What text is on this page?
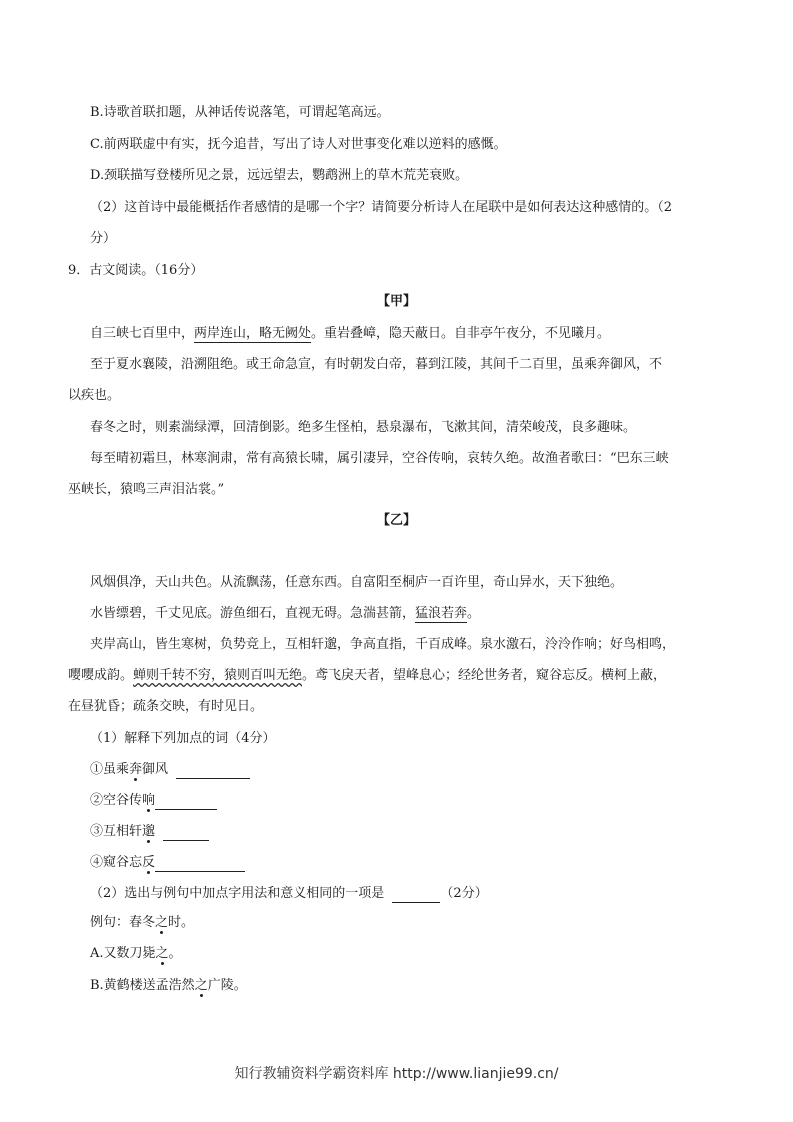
B.诗歌首联扣题，从神话传说落笔，可谓起笔高远。
C.前两联虚中有实，抚今追昔，写出了诗人对世事变化难以逆料的感慨。
D.颈联描写登楼所见之景，远远望去，鹦鹉洲上的草木荒芜衰败。
（2）这首诗中最能概括作者感情的是哪一个字？请简要分析诗人在尾联中是如何表达这种感情的。（2
分）
9．古文阅读。（16分）
【甲】
自三峡七百里中，两岸连山，略无阙处。重岩叠嶂，隐天蔽日。自非亭午夜分，不见曦月。
至于夏水襄陵，沿溯阻绝。或王命急宣，有时朝发白帝，暮到江陵，其间千二百里，虽乘奔御风，不
以疾也。
春冬之时，则素湍绿潭，回清倒影。绝多生怪柏，悬泉瀑布，飞漱其间，清荣峻茂，良多趣味。
每至晴初霜旦，林寒涧肃，常有高猿长啸，属引凄异，空谷传响，哀转久绝。故渔者歌曰：“巴东三峡
巫峡长，猿鸣三声泪沾裳。”
【乙】
风烟俱净，天山共色。从流飘荡，任意东西。自富阳至桐庐一百许里，奇山异水，天下独绝。
水皆缥碧，千丈见底。游鱼细石，直视无碍。急湍甚箭，猛浪若奔。
夹岸高山，皆生寒树，负势竞上，互相轩邈，争高直指，千百成峰。泉水激石，泠泠作响；好鸟相鸣，
嘤嘤成韵。蝉则千转不穷，猿则百叫无绝。鸢飞戾天者，望峰息心；经纶世务者，窥谷忘反。横柯上蔽，
在昼犹昏；疏条交映，有时见日。
（1）解释下列加点的词（4分）
①虽乘奔御风
②空谷传响
③互相轩邈
④窥谷忘反
（2）选出与例句中加点字用法和意义相同的一项是	（2分）
例句：春冬之时。
A.又数刀毙之。
B.黄鹤楼送孟浩然之广陵。
知行教辅资料学霸资料库 http://www.lianjie99.cn/
